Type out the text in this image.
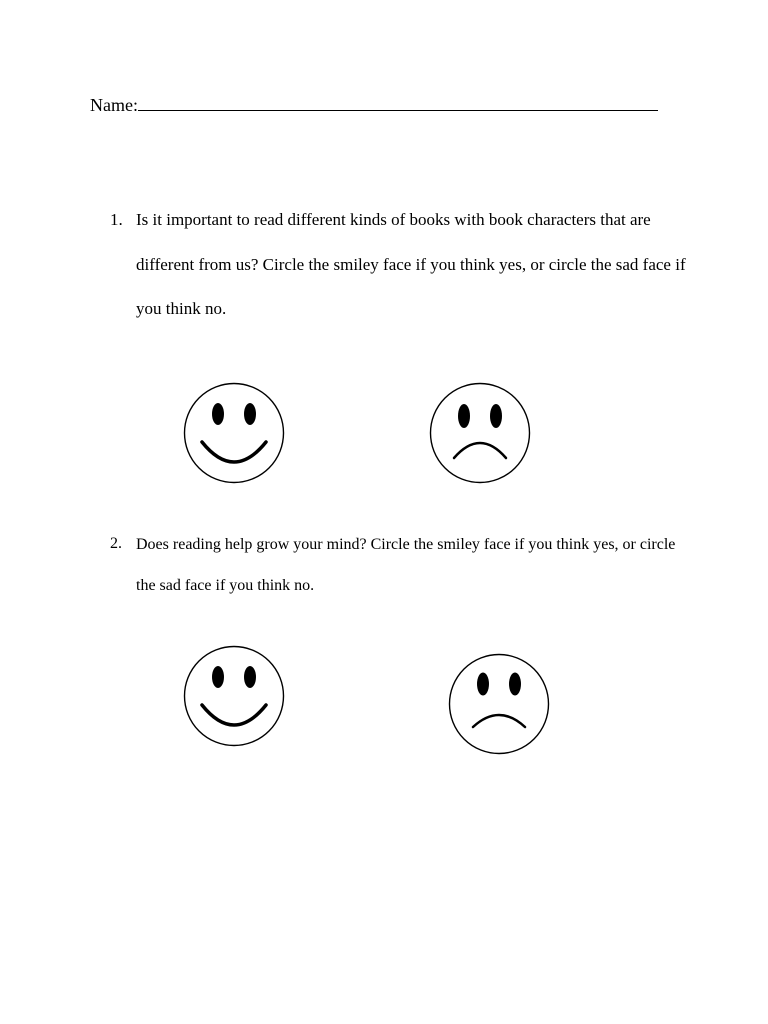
Name:
1. Is it important to read different kinds of books with book characters that are different from us? Circle the smiley face if you think yes, or circle the sad face if you think no.
2. Does reading help grow your mind? Circle the smiley face if you think yes, or circle the sad face if you think no.
